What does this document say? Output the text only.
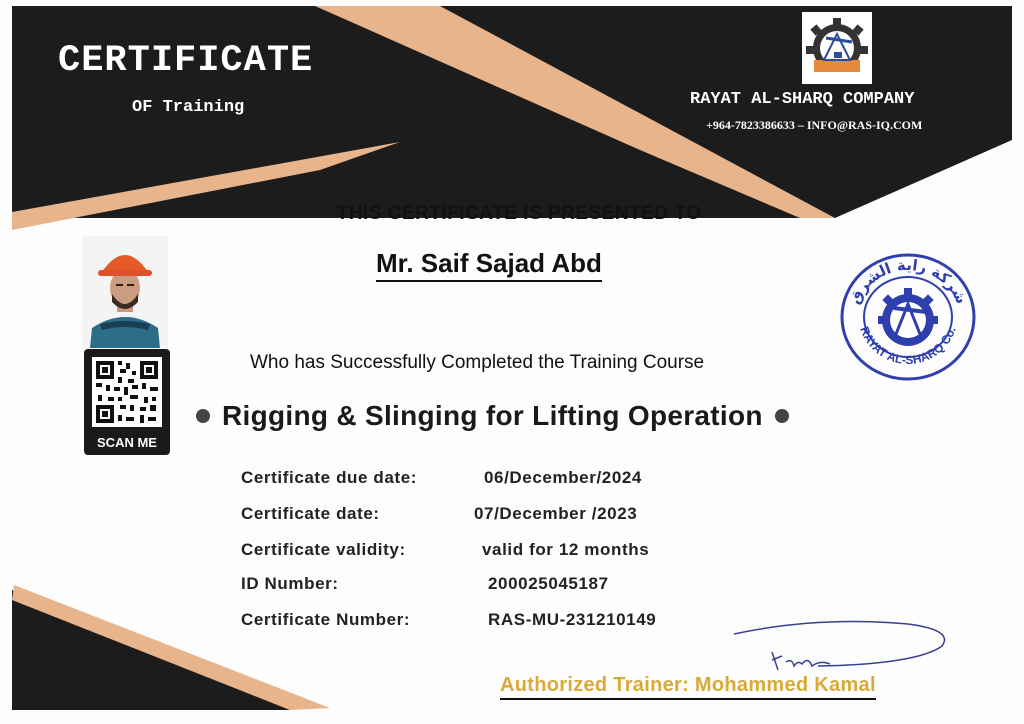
CERTIFICATE
OF Training	RAYAT AL-SHARQ COMPANY
+964-7823386633 – INFO@RAS-IQ.COM
THIS CERTIFICATE IS PRESENTED TO
Mr. Saif Sajad Abd
SCAN ME
Who has Successfully Completed the Training Course
Rigging & Slinging for Lifting Operation
Certificate due date:	06/December/2024
Certificate date:	07/December /2023
Certificate validity:	valid for 12 months
ID Number:	200025045187
Certificate Number:	RAS-MU-231210149
شركة راية الشرق
RAYAT AL-SHARQ Co.
Authorized Trainer: Mohammed Kamal
